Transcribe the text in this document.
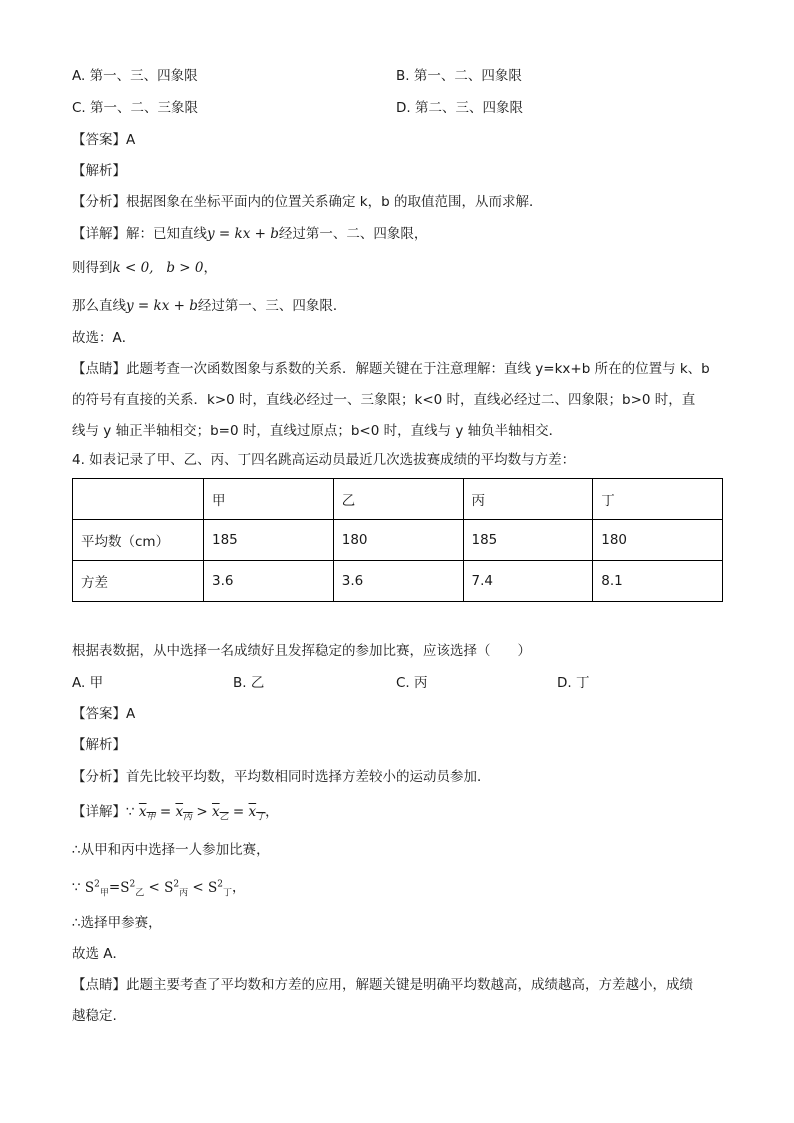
A. 第一、三、四象限	B. 第一、二、四象限
C. 第一、二、三象限	D. 第二、三、四象限
【答案】A
【解析】
【分析】根据图象在坐标平面内的位置关系确定 k，b 的取值范围，从而求解．
【详解】解：已知直线y = kx + b经过第一、二、四象限，
则得到k < 0,   b > 0，
那么直线y = kx + b经过第一、三、四象限．
故选：A．
【点睛】此题考查一次函数图象与系数的关系．解题关键在于注意理解：直线 y=kx+b 所在的位置与 k、b
的符号有直接的关系．k>0 时，直线必经过一、三象限；k<0 时，直线必经过二、四象限；b>0 时，直
线与 y 轴正半轴相交；b=0 时，直线过原点；b<0 时，直线与 y 轴负半轴相交．
4. 如表记录了甲、乙、丙、丁四名跳高运动员最近几次选拔赛成绩的平均数与方差：
	甲	乙	丙	丁
平均数（cm）	185	180	185	180
方差	3.6	3.6	7.4	8.1
根据表数据，从中选择一名成绩好且发挥稳定的参加比赛，应该选择（　　）
A. 甲	B. 乙	C. 丙	D. 丁
【答案】A
【解析】
【分析】首先比较平均数，平均数相同时选择方差较小的运动员参加．
【详解】∵ $x_甲 = x_丙 > x_乙 = x_丁$，
∴从甲和丙中选择一人参加比赛，
∵ $S^2_甲=S^2_乙 < S^2_丙 < S^2_丁$，
∴选择甲参赛，
故选 A．
【点睛】此题主要考查了平均数和方差的应用，解题关键是明确平均数越高，成绩越高，方差越小，成绩
越稳定.
